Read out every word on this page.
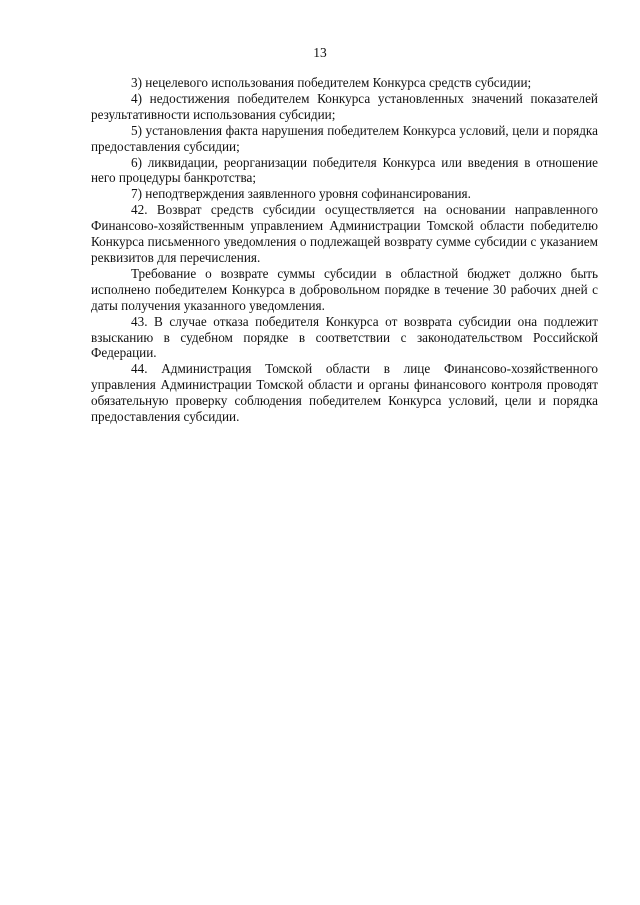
13

3) нецелевого использования победителем Конкурса средств субсидии;

4) недостижения победителем Конкурса установленных значений показателей результативности использования субсидии;

5) установления факта нарушения победителем Конкурса условий, цели и порядка предоставления субсидии;

6) ликвидации, реорганизации победителя Конкурса или введения в отношение него процедуры банкротства;

7) неподтверждения заявленного уровня софинансирования.

42. Возврат средств субсидии осуществляется на основании направленного Финансово-хозяйственным управлением Администрации Томской области победителю Конкурса письменного уведомления о подлежащей возврату сумме субсидии с указанием реквизитов для перечисления.

Требование о возврате суммы субсидии в областной бюджет должно быть исполнено победителем Конкурса в добровольном порядке в течение 30 рабочих дней с даты получения указанного уведомления.

43. В случае отказа победителя Конкурса от возврата субсидии она подлежит взысканию в судебном порядке в соответствии с законодательством Российской Федерации.

44. Администрация Томской области в лице Финансово-хозяйственного управления Администрации Томской области и органы финансового контроля проводят обязательную проверку соблюдения победителем Конкурса условий, цели и порядка предоставления субсидии.
